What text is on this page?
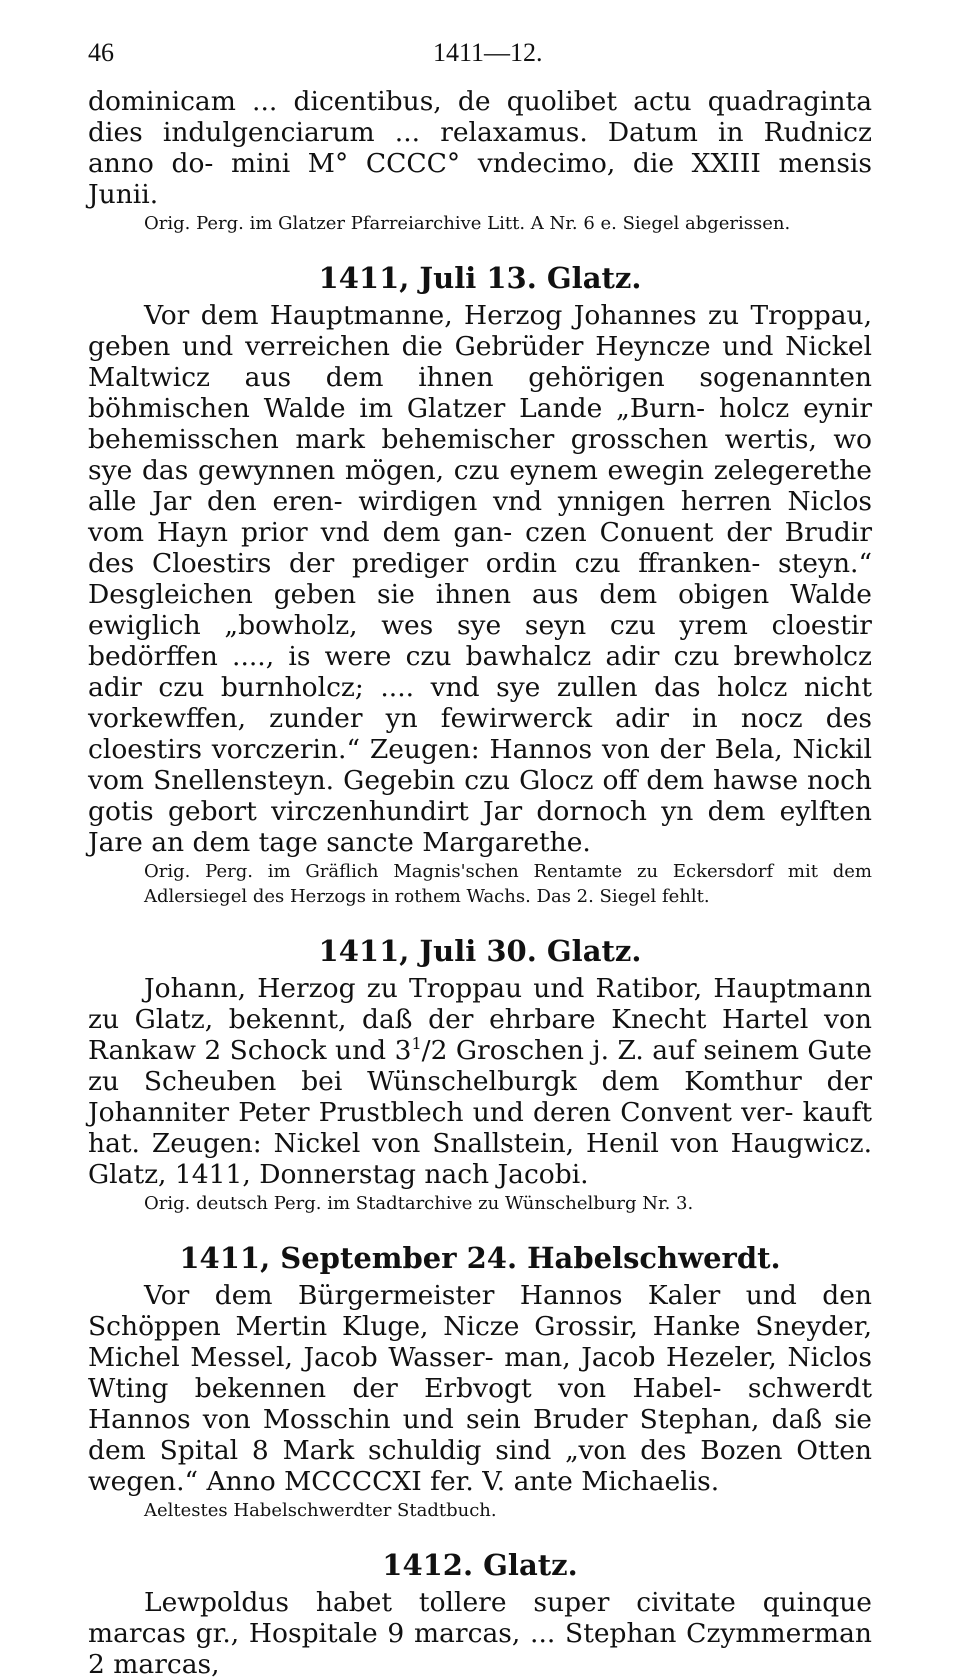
46	1411—12.

dominicam ... dicentibus, de quolibet actu quadraginta dies indulgenciarum ... relaxamus. Datum in Rudnicz anno do- mini M° CCCC° vndecimo, die XXIII mensis Junii.

Orig. Perg. im Glatzer Pfarreiarchive Litt. A Nr. 6 e. Siegel abgerissen.

1411, Juli 13. Glatz.

Vor dem Hauptmanne, Herzog Johannes zu Troppau, geben und verreichen die Gebrüder Heyncze und Nickel Maltwicz aus dem ihnen gehörigen sogenannten böhmischen Walde im Glatzer Lande „Burn- holcz eynir behemisschen mark behemischer grosschen wertis, wo sye das gewynnen mögen, czu eynem ewegin zelegerethe alle Jar den eren- wirdigen vnd ynnigen herren Niclos vom Hayn prior vnd dem gan- czen Conuent der Brudir des Cloestirs der prediger ordin czu ffranken- steyn.“ Desgleichen geben sie ihnen aus dem obigen Walde ewiglich „bowholz, wes sye seyn czu yrem cloestir bedörffen ...., is were czu bawhalcz adir czu brewholcz adir czu burnholcz; .... vnd sye zullen das holcz nicht vorkewffen, zunder yn fewirwerck adir in nocz des cloestirs vorczerin.“ Zeugen: Hannos von der Bela, Nickil vom Snellensteyn. Gegebin czu Glocz off dem hawse noch gotis gebort virczenhundirt Jar dornoch yn dem eylften Jare an dem tage sancte Margarethe.

Orig. Perg. im Gräflich Magnis'schen Rentamte zu Eckersdorf mit dem Adlersiegel des Herzogs in rothem Wachs. Das 2. Siegel fehlt.

1411, Juli 30. Glatz.

Johann, Herzog zu Troppau und Ratibor, Hauptmann zu Glatz, bekennt, daß der ehrbare Knecht Hartel von Rankaw 2 Schock und $3^1/2$ Groschen j. Z. auf seinem Gute zu Scheuben bei Wünschelburgk dem Komthur der Johanniter Peter Prustblech und deren Convent ver- kauft hat. Zeugen: Nickel von Snallstein, Henil von Haugwicz. Glatz, 1411, Donnerstag nach Jacobi.

Orig. deutsch Perg. im Stadtarchive zu Wünschelburg Nr. 3.

1411, September 24. Habelschwerdt.

Vor dem Bürgermeister Hannos Kaler und den Schöppen Mertin Kluge, Nicze Grossir, Hanke Sneyder, Michel Messel, Jacob Wasser- man, Jacob Hezeler, Niclos Wting bekennen der Erbvogt von Habel- schwerdt Hannos von Mosschin und sein Bruder Stephan, daß sie dem Spital 8 Mark schuldig sind „von des Bozen Otten wegen.“ Anno MCCCCXI fer. V. ante Michaelis.

Aeltestes Habelschwerdter Stadtbuch.

1412. Glatz.

Lewpoldus habet tollere super civitate quinque marcas gr., Hospitale 9 marcas, ... Stephan Czymmerman 2 marcas,
